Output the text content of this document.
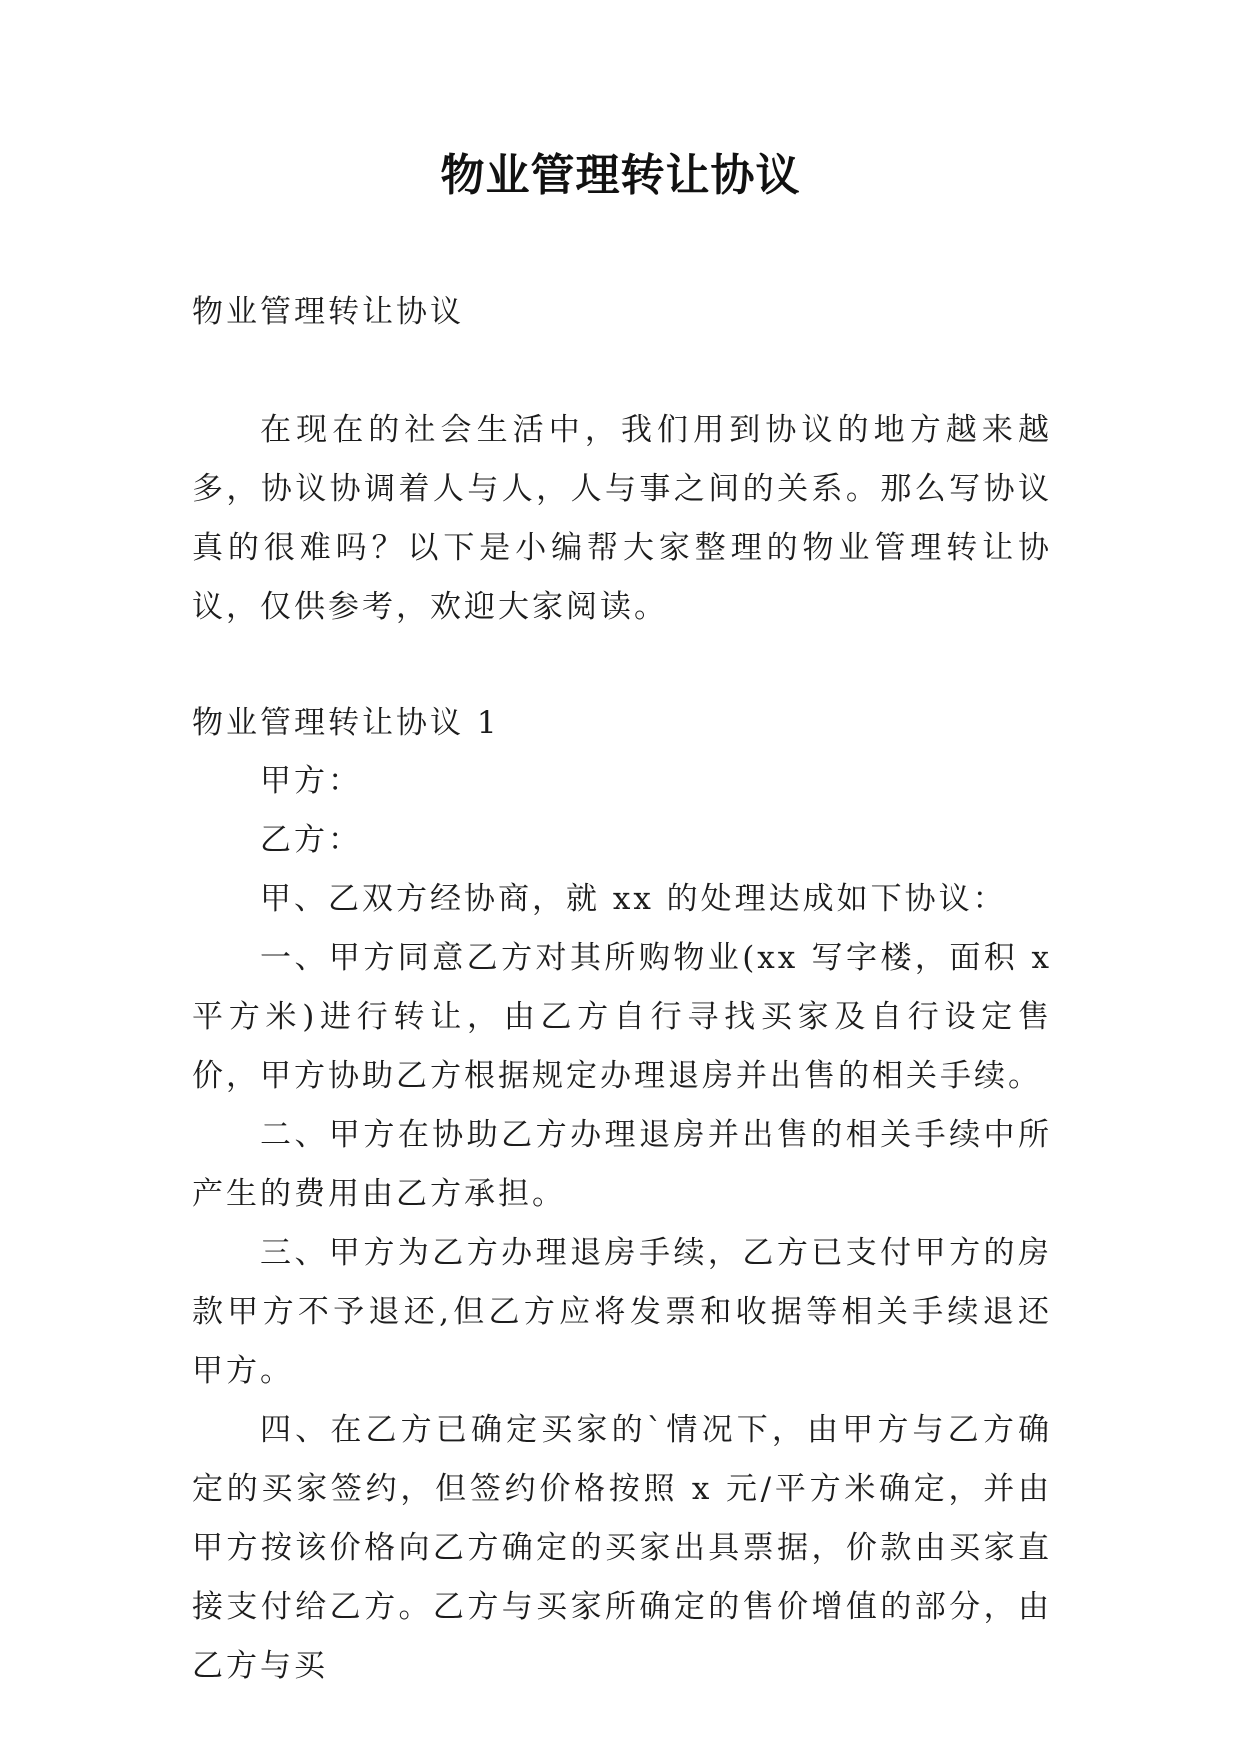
物业管理转让协议
物业管理转让协议
在现在的社会生活中，我们用到协议的地方越来越多，协议协调着人与人，人与事之间的关系。那么写协议真的很难吗？以下是小编帮大家整理的物业管理转让协议，仅供参考，欢迎大家阅读。
物业管理转让协议 1

甲方：

乙方：

甲、乙双方经协商，就 xx 的处理达成如下协议：

一、甲方同意乙方对其所购物业(xx 写字楼，面积 x 平方米)进行转让，由乙方自行寻找买家及自行设定售价，甲方协助乙方根据规定办理退房并出售的相关手续。

二、甲方在协助乙方办理退房并出售的相关手续中所产生的费用由乙方承担。

三、甲方为乙方办理退房手续，乙方已支付甲方的房款甲方不予退还,但乙方应将发票和收据等相关手续退还甲方。

四、在乙方已确定买家的`情况下，由甲方与乙方确定的买家签约，但签约价格按照 x 元/平方米确定，并由甲方按该价格向乙方确定的买家出具票据，价款由买家直接支付给乙方。乙方与买家所确定的售价增值的部分，由乙方与买
